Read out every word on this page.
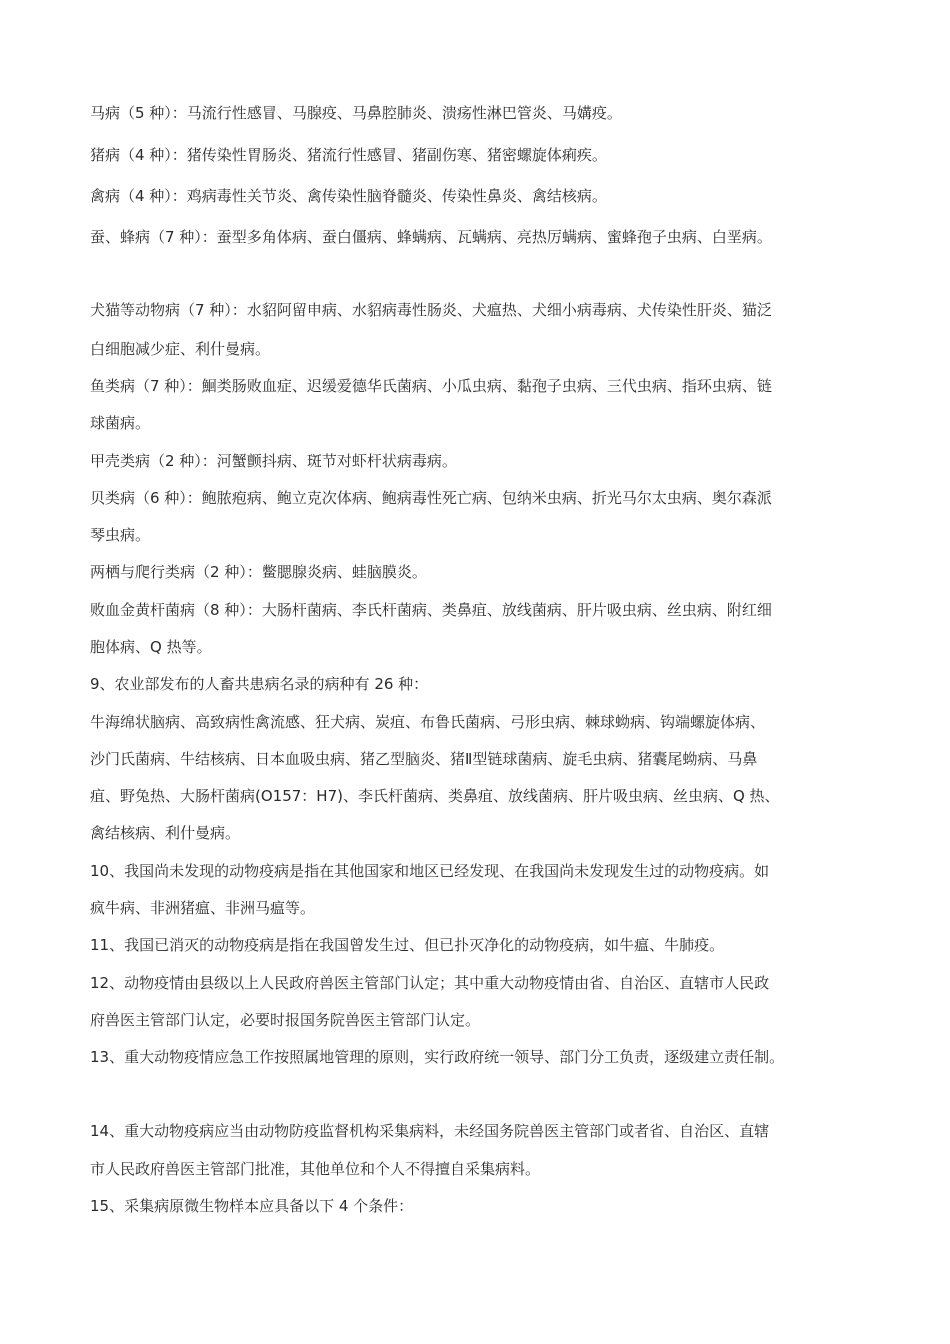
马病（5 种）：马流行性感冒、马腺疫、马鼻腔肺炎、溃疡性淋巴管炎、马媾疫。

猪病（4 种）：猪传染性胃肠炎、猪流行性感冒、猪副伤寒、猪密螺旋体痢疾。

禽病（4 种）：鸡病毒性关节炎、禽传染性脑脊髓炎、传染性鼻炎、禽结核病。

蚕、蜂病（7 种）：蚕型多角体病、蚕白僵病、蜂螨病、瓦螨病、亮热厉螨病、蜜蜂孢子虫病、白垩病。

犬猫等动物病（7 种）：水貂阿留申病、水貂病毒性肠炎、犬瘟热、犬细小病毒病、犬传染性肝炎、猫泛

白细胞减少症、利什曼病。

鱼类病（7 种）：鮰类肠败血症、迟缓爱德华氏菌病、小瓜虫病、黏孢子虫病、三代虫病、指环虫病、链

球菌病。

甲壳类病（2 种）：河蟹颤抖病、斑节对虾杆状病毒病。

贝类病（6 种）：鲍脓疱病、鲍立克次体病、鲍病毒性死亡病、包纳米虫病、折光马尔太虫病、奥尔森派

琴虫病。

两栖与爬行类病（2 种）：鳖腮腺炎病、蛙脑膜炎。

败血金黄杆菌病（8 种）：大肠杆菌病、李氏杆菌病、类鼻疽、放线菌病、肝片吸虫病、丝虫病、附红细

胞体病、Q 热等。

9、农业部发布的人畜共患病名录的病种有 26 种：

牛海绵状脑病、高致病性禽流感、狂犬病、炭疽、布鲁氏菌病、弓形虫病、棘球蚴病、钩端螺旋体病、

沙门氏菌病、牛结核病、日本血吸虫病、猪乙型脑炎、猪Ⅱ型链球菌病、旋毛虫病、猪囊尾蚴病、马鼻

疽、野兔热、大肠杆菌病(O157：H7)、李氏杆菌病、类鼻疽、放线菌病、肝片吸虫病、丝虫病、Q 热、

禽结核病、利什曼病。

10、我国尚未发现的动物疫病是指在其他国家和地区已经发现、在我国尚未发现发生过的动物疫病。如

疯牛病、非洲猪瘟、非洲马瘟等。

11、我国已消灭的动物疫病是指在我国曾发生过、但已扑灭净化的动物疫病，如牛瘟、牛肺疫。

12、动物疫情由县级以上人民政府兽医主管部门认定；其中重大动物疫情由省、自治区、直辖市人民政

府兽医主管部门认定，必要时报国务院兽医主管部门认定。

13、重大动物疫情应急工作按照属地管理的原则，实行政府统一领导、部门分工负责，逐级建立责任制。

14、重大动物疫病应当由动物防疫监督机构采集病料，未经国务院兽医主管部门或者省、自治区、直辖

市人民政府兽医主管部门批准，其他单位和个人不得擅自采集病料。

15、采集病原微生物样本应具备以下 4 个条件：
